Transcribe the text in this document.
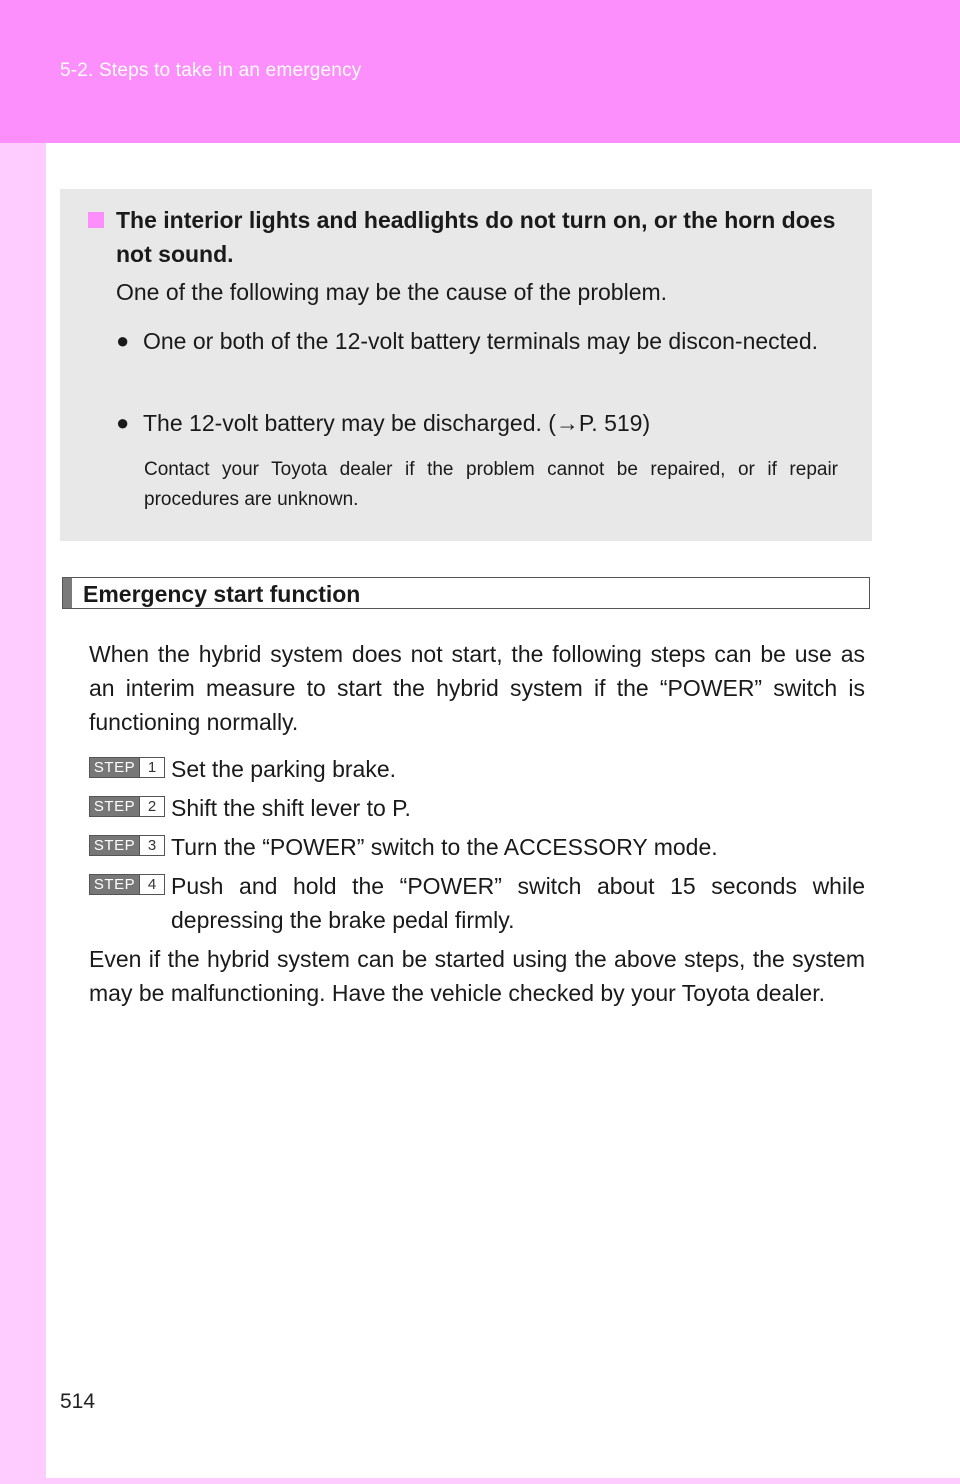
5-2. Steps to take in an emergency
The interior lights and headlights do not turn on, or the horn does not sound.
One of the following may be the cause of the problem.
● One or both of the 12-volt battery terminals may be discon-nected.
● The 12-volt battery may be discharged. (→P. 519)
Contact your Toyota dealer if the problem cannot be repaired, or if repair procedures are unknown.
Emergency start function
When the hybrid system does not start, the following steps can be use as an interim measure to start the hybrid system if the “POWER” switch is functioning normally.
STEP 1 Set the parking brake.
STEP 2 Shift the shift lever to P.
STEP 3 Turn the “POWER” switch to the ACCESSORY mode.
STEP 4 Push and hold the “POWER” switch about 15 seconds while depressing the brake pedal firmly.
Even if the hybrid system can be started using the above steps, the system may be malfunctioning. Have the vehicle checked by your Toyota dealer.
514
